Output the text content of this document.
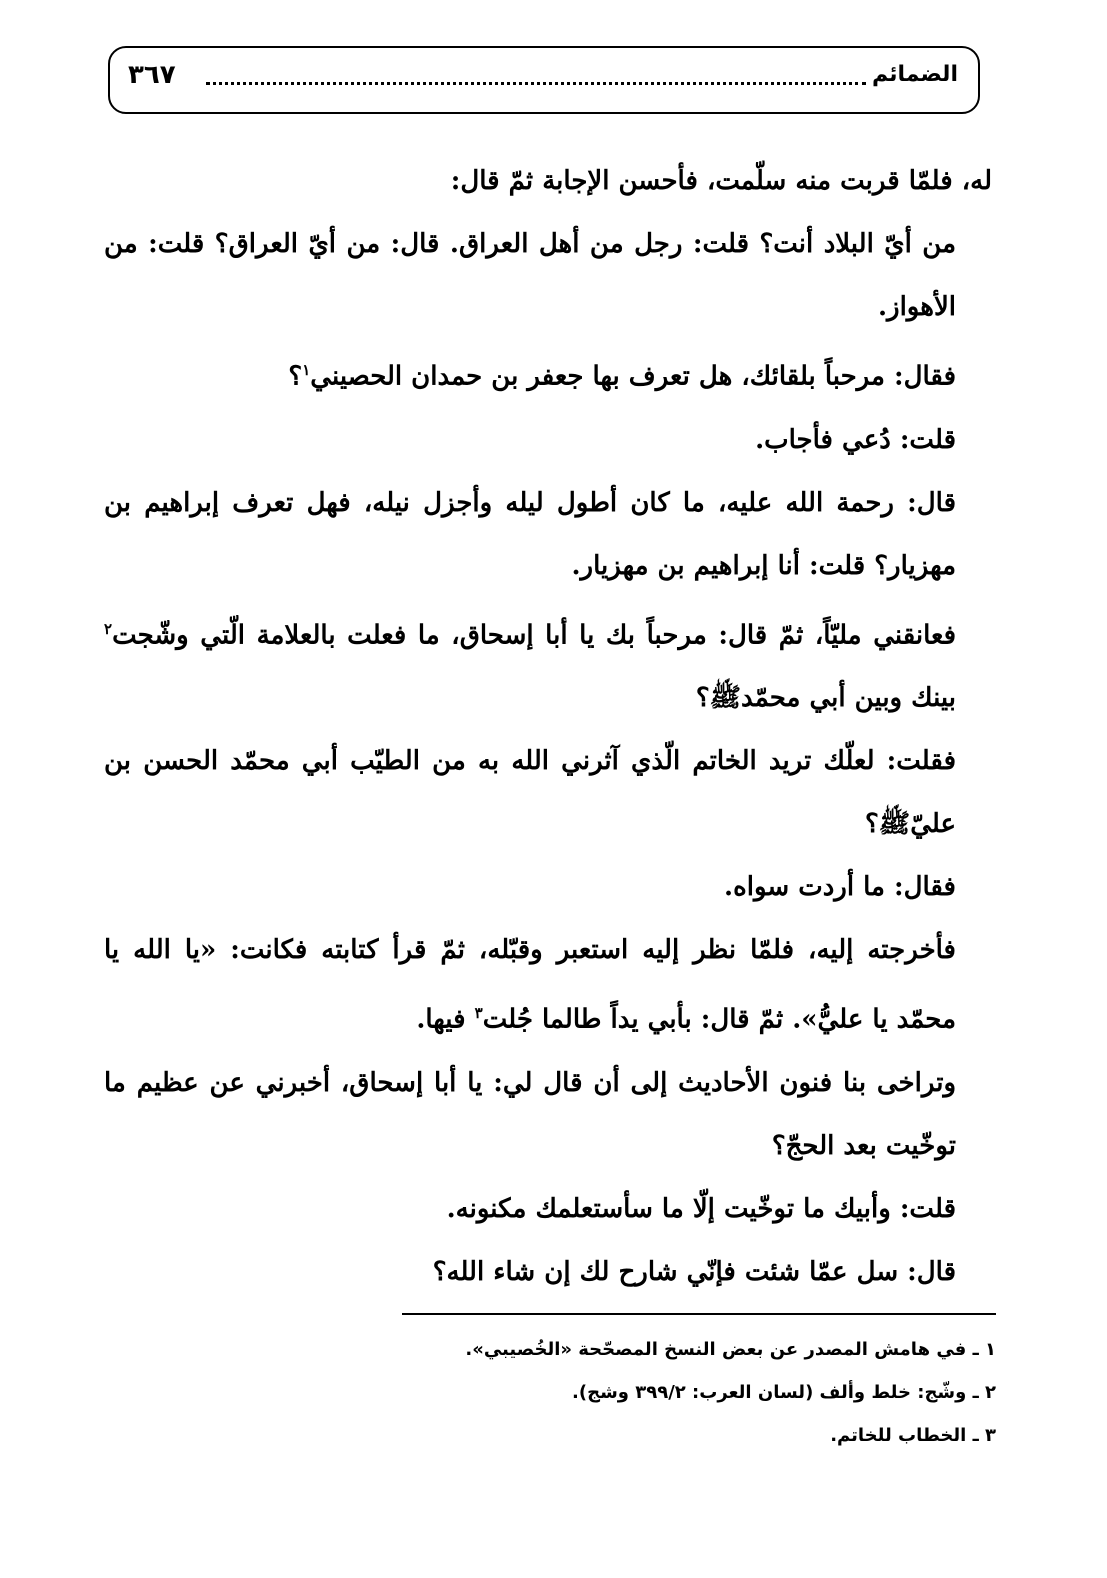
الضمائم
٣٦٧

له، فلمّا قربت منه سلّمت، فأحسن الإجابة ثمّ قال:

من أيّ البلاد أنت؟ قلت: رجل من أهل العراق. قال: من أيّ العراق؟ قلت: من الأهواز.

فقال: مرحباً بلقائك، هل تعرف بها جعفر بن حمدان الحصيني$^١$؟

قلت: دُعي فأجاب.

قال: رحمة الله عليه، ما كان أطول ليله وأجزل نيله، فهل تعرف إبراهيم بن مهزيار؟ قلت: أنا إبراهيم بن مهزيار.

فعانقني مليّاً، ثمّ قال: مرحباً بك يا أبا إسحاق، ما فعلت بالعلامة الّتي وشّجت$^٢$ بينك وبين أبي محمّدﷺ؟

فقلت: لعلّك تريد الخاتم الّذي آثرني الله به من الطيّب أبي محمّد الحسن بن عليّﷺ؟

فقال: ما أردت سواه.

فأخرجته إليه، فلمّا نظر إليه استعبر وقبّله، ثمّ قرأ كتابته فكانت: «يا الله يا محمّد يا عليُّ». ثمّ قال: بأبي يداً طالما جُلت$^٣$ فيها.

وتراخى بنا فنون الأحاديث إلى أن قال لي: يا أبا إسحاق، أخبرني عن عظيم ما توخّيت بعد الحجّ؟

قلت: وأبيك ما توخّيت إلّا ما سأستعلمك مكنونه.

قال: سل عمّا شئت فإنّي شارح لك إن شاء الله؟

١ ـ في هامش المصدر عن بعض النسخ المصحّحة «الخُصيبي».

٢ ـ وشّج: خلط وألف (لسان العرب: ٣٩٩/٢ وشج).

٣ ـ الخطاب للخاتم.
